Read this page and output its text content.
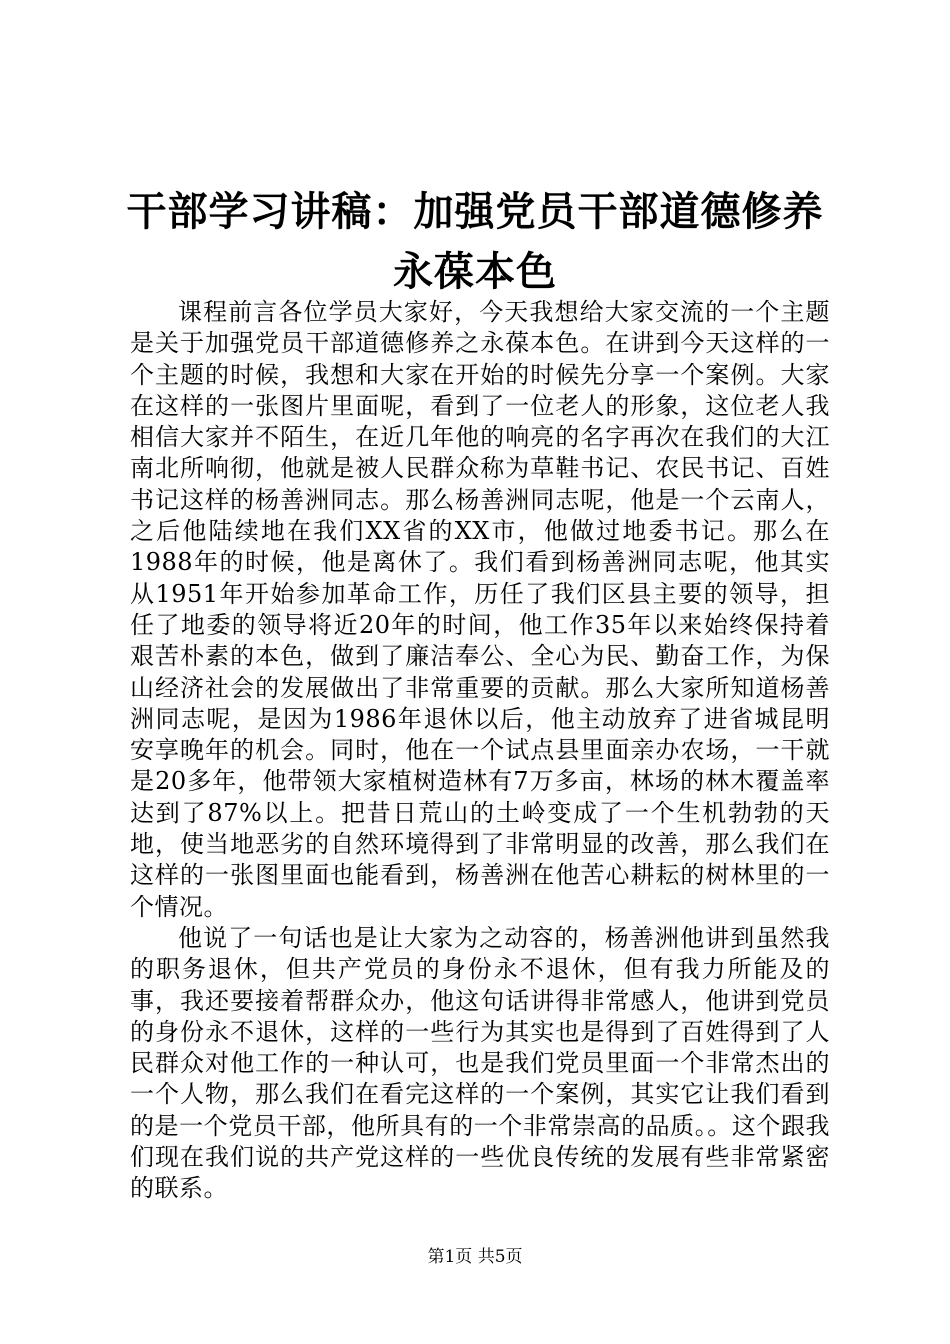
干部学习讲稿：加强党员干部道德修养永葆本色

课程前言各位学员大家好，今天我想给大家交流的一个主题是关于加强党员干部道德修养之永葆本色。在讲到今天这样的一个主题的时候，我想和大家在开始的时候先分享一个案例。大家在这样的一张图片里面呢，看到了一位老人的形象，这位老人我相信大家并不陌生，在近几年他的响亮的名字再次在我们的大江南北所响彻，他就是被人民群众称为草鞋书记、农民书记、百姓书记这样的杨善洲同志。那么杨善洲同志呢，他是一个云南人，之后他陆续地在我们XX省的XX市，他做过地委书记。那么在1988年的时候，他是离休了。我们看到杨善洲同志呢，他其实从1951年开始参加革命工作，历任了我们区县主要的领导，担任了地委的领导将近20年的时间，他工作35年以来始终保持着艰苦朴素的本色，做到了廉洁奉公、全心为民、勤奋工作，为保山经济社会的发展做出了非常重要的贡献。那么大家所知道杨善洲同志呢，是因为1986年退休以后，他主动放弃了进省城昆明安享晚年的机会。同时，他在一个试点县里面亲办农场，一干就是20多年，他带领大家植树造林有7万多亩，林场的林木覆盖率达到了87%以上。把昔日荒山的土岭变成了一个生机勃勃的天地，使当地恶劣的自然环境得到了非常明显的改善，那么我们在这样的一张图里面也能看到，杨善洲在他苦心耕耘的树林里的一个情况。

他说了一句话也是让大家为之动容的，杨善洲他讲到虽然我的职务退休，但共产党员的身份永不退休，但有我力所能及的事，我还要接着帮群众办，他这句话讲得非常感人，他讲到党员的身份永不退休，这样的一些行为其实也是得到了百姓得到了人民群众对他工作的一种认可，也是我们党员里面一个非常杰出的一个人物，那么我们在看完这样的一个案例，其实它让我们看到的是一个党员干部，他所具有的一个非常崇高的品质。。这个跟我们现在我们说的共产党这样的一些优良传统的发展有些非常紧密的联系。

第1页 共5页
